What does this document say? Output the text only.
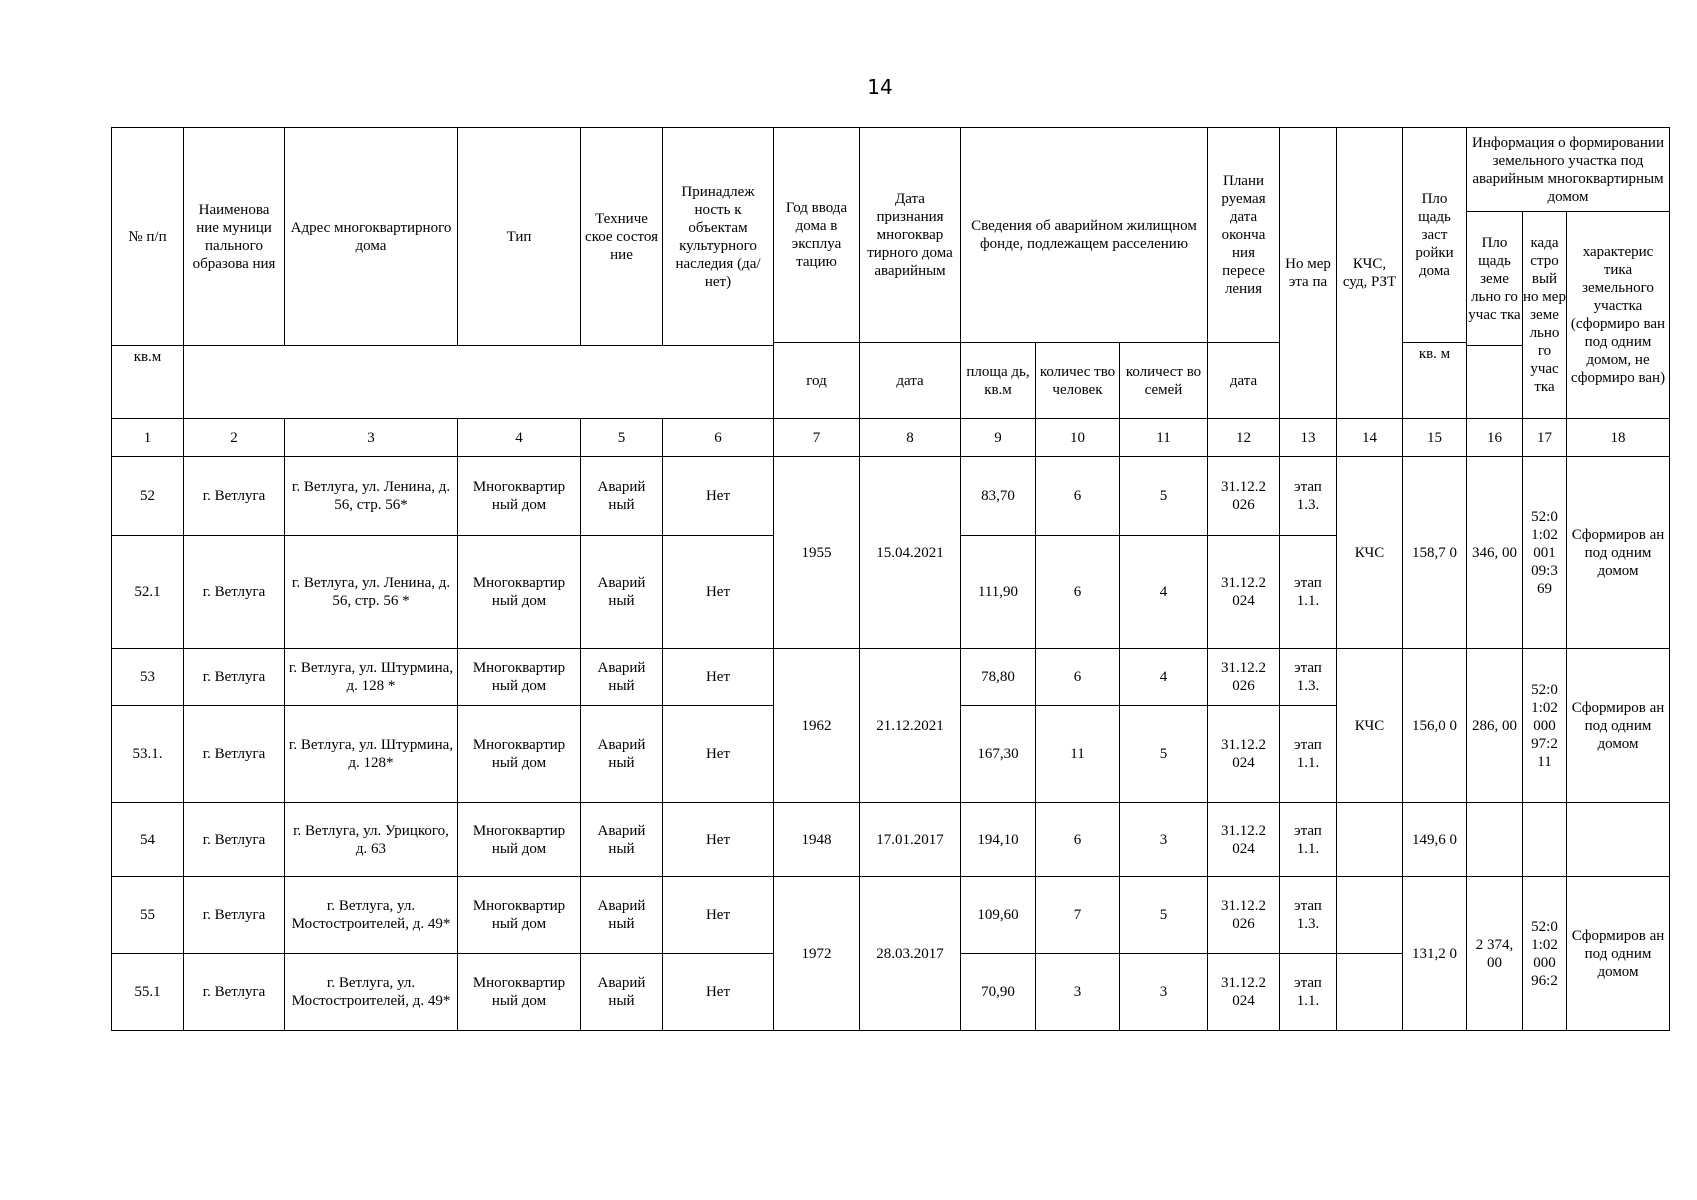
14
№ п/п	Наименова ние муници пального образова ния	Адрес многоквартирного дома	Тип	Техниче ское состоя ние	Принадлеж ность к объектам культурного наследия (да/нет)	Год ввода дома в эксплуа тацию	Дата признания многоквар тирного дома аварийным	Сведения об аварийном жилищном фонде, подлежащем расселению			Плани руемая дата оконча ния пересе ления	Но мер эта па	КЧС, суд, РЗТ	Пло щадь заст ройки дома	Информация о формировании земельного участка под аварийным многоквартирным домом		
															Пло щадь земе льно го учас тка	када стро вый но мер земе льно го учас тка	характерис тика земельного участка (сформиро ван под одним домом, не сформиро ван)
						год	дата	площа дь, кв.м	количес тво человек	количест во семей	дата			кв. м			
кв.м																	
1	2	3	4	5	6	7	8	9	10	11	12	13	14	15	16	17	18
52	г. Ветлуга	г. Ветлуга, ул. Ленина, д. 56, стр. 56*	Многоквартир ный дом	Аварий ный	Нет	1955	15.04.2021	83,70	6	5	31.12.2 026	этап 1.3.	КЧС	158,7 0	346, 00	52:0 1:02 001 09:3 69	Сформиров ан под одним домом
52.1	г. Ветлуга	г. Ветлуга, ул. Ленина, д. 56, стр. 56 *	Многоквартир ный дом	Аварий ный	Нет			111,90	6	4	31.12.2 024	этап 1.1.					
53	г. Ветлуга	г. Ветлуга, ул. Штурмина, д. 128 *	Многоквартир ный дом	Аварий ный	Нет	1962	21.12.2021	78,80	6	4	31.12.2 026	этап 1.3.	КЧС	156,0 0	286, 00	52:0 1:02 000 97:2 11	Сформиров ан под одним домом
53.1.	г. Ветлуга	г. Ветлуга, ул. Штурмина, д. 128*	Многоквартир ный дом	Аварий ный	Нет			167,30	11	5	31.12.2 024	этап 1.1.					
54	г. Ветлуга	г. Ветлуга, ул. Урицкого, д. 63	Многоквартир ный дом	Аварий ный	Нет	1948	17.01.2017	194,10	6	3	31.12.2 024	этап 1.1.		149,6 0			
55	г. Ветлуга	г. Ветлуга, ул. Мостостроителей, д. 49*	Многоквартир ный дом	Аварий ный	Нет	1972	28.03.2017	109,60	7	5	31.12.2 026	этап 1.3.		131,2 0	2 374, 00	52:0 1:02 000 96:2	Сформиров ан под одним домом
55.1	г. Ветлуга	г. Ветлуга, ул. Мостостроителей, д. 49*	Многоквартир ный дом	Аварий ный	Нет			70,90	3	3	31.12.2 024	этап 1.1.					
